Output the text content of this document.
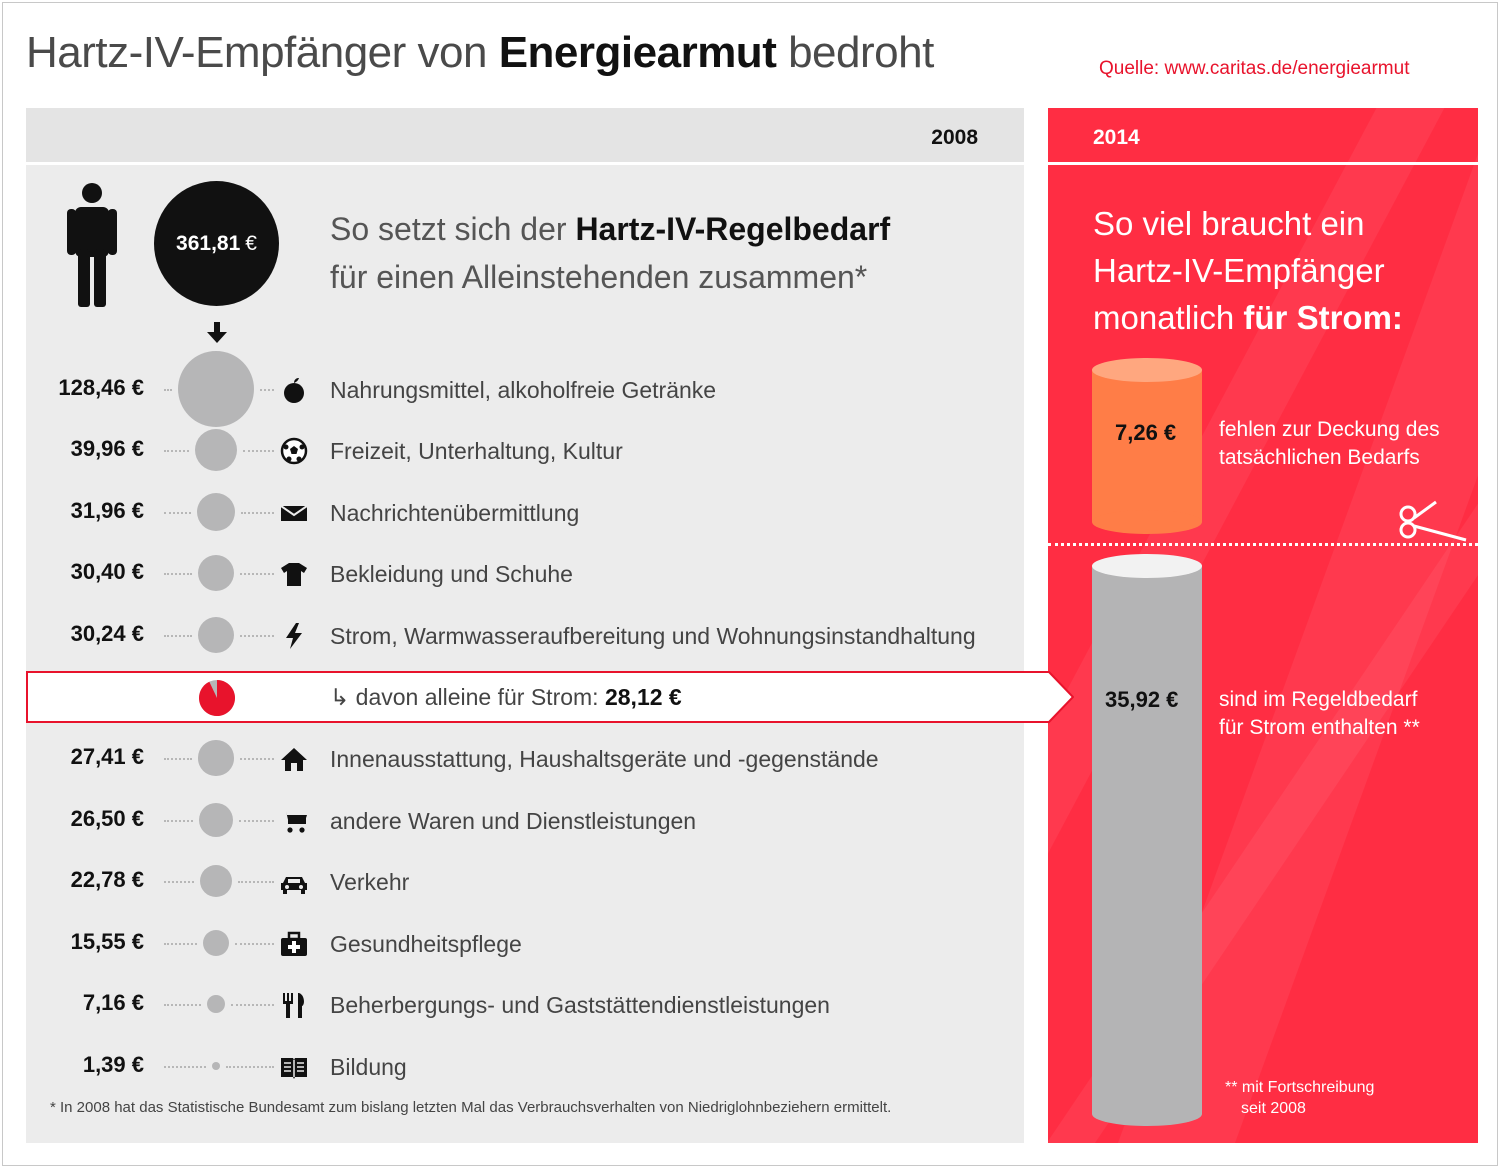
Hartz-IV-Empfänger von Energiearmut bedroht	Quelle: www.caritas.de/energiearmut
2008	2014
361,81 € So setzt sich der Hartz-IV-Regelbedarf
für einen Alleinstehenden zusammen*
128,46 €	Nahrungsmittel, alkoholfreie Getränke
39,96 €	Freizeit, Unterhaltung, Kultur
31,96 €	Nachrichtenübermittlung
30,40 €	Bekleidung und Schuhe
30,24 €	Strom, Warmwasseraufbereitung und Wohnungsinstandhaltung
27,41 €	Innenausstattung, Haushaltsgeräte und -gegenstände
26,50 €	andere Waren und Dienstleistungen
22,78 €	Verkehr
15,55 €	Gesundheitspflege
7,16 €	Beherbergungs- und Gaststättendienstleistungen
1,39 €	Bildung
↳ davon alleine für Strom: 28,12 €
* In 2008 hat das Statistische Bundesamt zum bislang letzten Mal das Verbrauchsverhalten von Niedriglohnbeziehern ermittelt.
So viel braucht ein
Hartz-IV-Empfänger
monatlich für Strom:
7,26 € fehlen zur Deckung des
tatsächlichen Bedarfs
35,92 € sind im Regeldbedarf
für Strom enthalten **
** mit Fortschreibung
seit 2008
